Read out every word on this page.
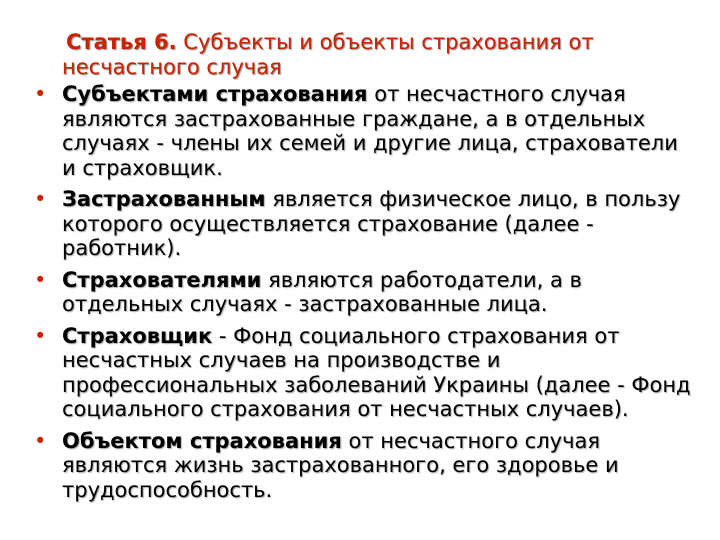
Статья 6. Субъекты и объекты страхования от несчастного случая
• Субъектами страхования от несчастного случая являются застрахованные граждане, а в отдельных случаях - члены их семей и другие лица, страхователи и страховщик.
• Застрахованным является физическое лицо, в пользу которого осуществляется страхование (далее - работник).
• Страхователями являются работодатели, а в отдельных случаях - застрахованные лица.
• Страховщик - Фонд социального страхования от несчастных случаев на производстве и профессиональных заболеваний Украины (далее - Фонд социального страхования от несчастных случаев).
• Объектом страхования от несчастного случая являются жизнь застрахованного, его здоровье и трудоспособность.
